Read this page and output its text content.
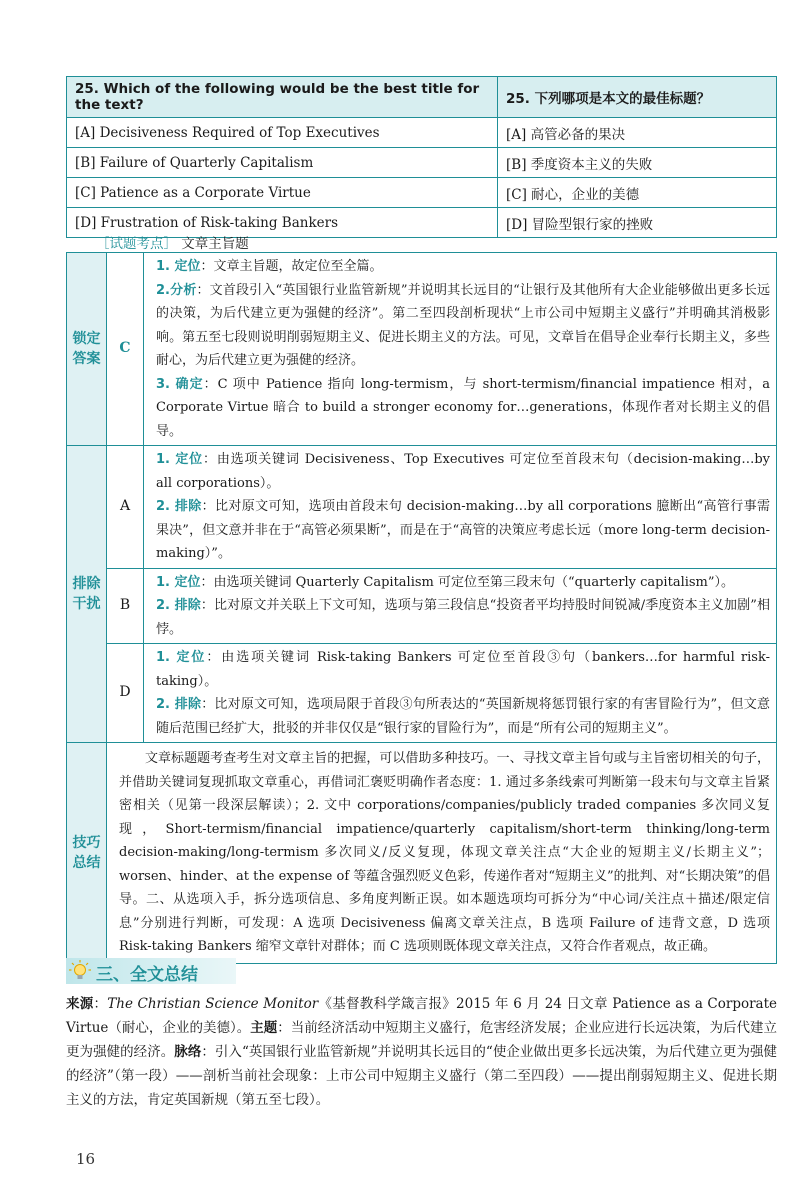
25. Which of the following would be the best title for the text?	25. 下列哪项是本文的最佳标题？
[A] Decisiveness Required of Top Executives	[A] 高管必备的果决
[B] Failure of Quarterly Capitalism	[B] 季度资本主义的失败
[C] Patience as a Corporate Virtue	[C] 耐心，企业的美德
[D] Frustration of Risk-taking Bankers	[D] 冒险型银行家的挫败
［试题考点］ 文章主旨题
锁定答案	C	1. 定位：文章主旨题，故定位至全篇。
2.分析：文首段引入“英国银行业监管新规”并说明其长远目的“让银行及其他所有大企业能够做出更多长远的决策，为后代建立更为强健的经济”。第二至四段剖析现状“上市公司中短期主义盛行”并明确其消极影响。第五至七段则说明削弱短期主义、促进长期主义的方法。可见，文章旨在倡导企业奉行长期主义，多些耐心，为后代建立更为强健的经济。
3. 确定：C 项中 Patience 指向 long-termism，与 short-termism/financial impatience 相对，a Corporate Virtue 暗合 to build a stronger economy for…generations，体现作者对长期主义的倡导。

排除干扰	A	1. 定位：由选项关键词 Decisiveness、Top Executives 可定位至首段末句（decision-making…by all corporations）。
2. 排除：比对原文可知，选项由首段末句 decision-making…by all corporations 臆断出“高管行事需果决”，但文意并非在于“高管必须果断”，而是在于“高管的决策应考虑长远（more long-term decision-making）”。

	B	1. 定位：由选项关键词 Quarterly Capitalism 可定位至第三段末句（“quarterly capitalism”）。
2. 排除：比对原文并关联上下文可知，选项与第三段信息“投资者平均持股时间锐减/季度资本主义加剧”相悖。

	D	1. 定位：由选项关键词 Risk-taking Bankers 可定位至首段③句（bankers…for harmful risk-taking）。
2. 排除：比对原文可知，选项局限于首段③句所表达的“英国新规将惩罚银行家的有害冒险行为”，但文意随后范围已经扩大，批驳的并非仅仅是“银行家的冒险行为”，而是“所有公司的短期主义”。

技巧总结	文章标题题考查考生对文章主旨的把握，可以借助多种技巧。一、寻找文章主旨句或与主旨密切相关的句子，并借助关键词复现抓取文章重心，再借词汇褒贬明确作者态度：1. 通过多条线索可判断第一段末句与文章主旨紧密相关（见第一段深层解读）；2. 文中 corporations/companies/publicly traded companies 多次同义复现，Short-termism/financial impatience/quarterly capitalism/short-term thinking/long-term decision-making/long-termism 多次同义/反义复现，体现文章关注点“大企业的短期主义/长期主义”；worsen、hinder、at the expense of 等蕴含强烈贬义色彩，传递作者对“短期主义”的批判、对“长期决策”的倡导。二、从选项入手，拆分选项信息、多角度判断正误。如本题选项均可拆分为“中心词/关注点＋描述/限定信息”分别进行判断，可发现：A 选项 Decisiveness 偏离文章关注点，B 选项 Failure of 违背文意，D 选项 Risk-taking Bankers 缩窄文章针对群体；而 C 选项则既体现文章关注点，又符合作者观点，故正确。	
三、全文总结
来源：The Christian Science Monitor《基督教科学箴言报》2015 年 6 月 24 日文章 Patience as a Corporate Virtue（耐心，企业的美德）。主题：当前经济活动中短期主义盛行，危害经济发展；企业应进行长远决策，为后代建立更为强健的经济。脉络：引入“英国银行业监管新规”并说明其长远目的“使企业做出更多长远决策，为后代建立更为强健的经济”（第一段）——剖析当前社会现象：上市公司中短期主义盛行（第二至四段）——提出削弱短期主义、促进长期主义的方法，肯定英国新规（第五至七段）。
16
